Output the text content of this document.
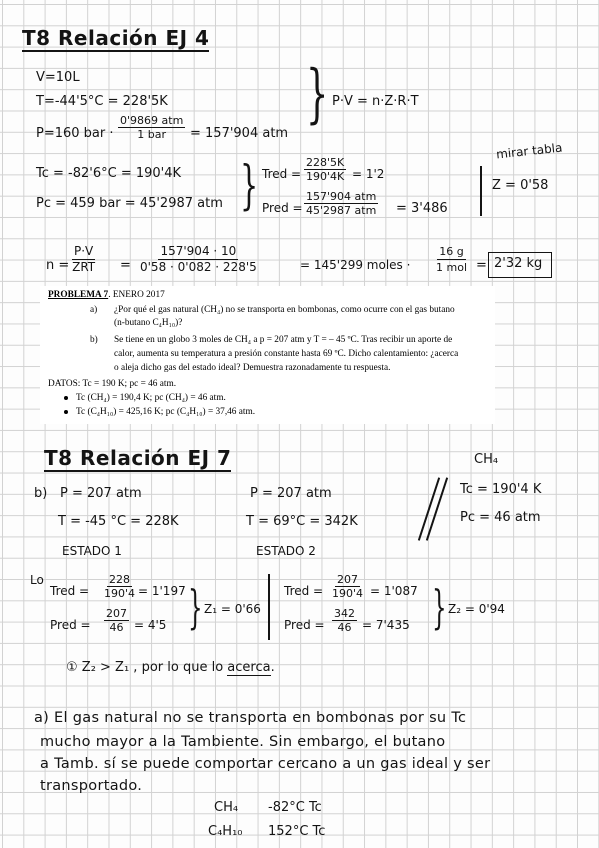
T8 Relación EJ 4
V=10L
T=-44'5°C = 228'5K
P=160 bar ·
0'9869 atm
1 bar = 157'904 atm
} P·V = n·Z·R·T
Tc = -82'6°C = 190'4K
Pc = 459 bar = 45'2987 atm } Tred = $\frac{228'5K}{190'4K} = 1'2$
Pred =
157'904 atm
45'2987 atm = 3'486
mirar tabla
Z = 0'58
n =
P·V
ZRT = $\frac{157'904 \cdot 10}{0'58 \cdot 0'082 \cdot 228'5}$	= 145'299 moles ·
16 g
1 mol = 2'32 kg
PROBLEMA 7. ENERO 2017
a) ¿Por qué el gas natural (CH₄) no se transporta en bombonas, como ocurre con el gas butano
(n-butano C₄H₁₀)?
b) Se tiene en un globo 3 moles de CH₄ a p = 207 atm y T = – 45 ºC. Tras recibir un aporte de
calor, aumenta su temperatura a presión constante hasta 69 ºC. Dicho calentamiento: ¿acerca
o aleja dicho gas del estado ideal? Demuestra razonadamente tu respuesta.
DATOS: Tc = 190 K; pc = 46 atm.
Tc (CH₄) = 190,4 K; pc (CH₄) = 46 atm.
Tc (C₄H₁₀) = 425,16 K; pc (C₄H₁₀) = 37,46 atm.
T8 Relación EJ 7	CH₄
Tc = 190'4 K
Pc = 46 atm
b) P = 207 atm
T = -45 °C = 228K
ESTADO 1
P = 207 atm
T = 69°C = 342K
ESTADO 2
Lo
Tred = $\frac{228}{190'4} = 1'197$
Pred = $\frac{207}{46} = 4'5$ } Z₁ = 0'66
Tred = $\frac{207}{190'4} = 1'087$
Pred = $\frac{342}{46} = 7'435$ } Z₂ = 0'94
① Z₂ > Z₁ , por lo que lo acerca.
a) El gas natural no se transporta en bombonas por su Tc
mucho mayor a la Tambiente. Sin embargo, el butano
a Tamb. sí se puede comportar cercano a un gas ideal y ser
transportado.
CH₄ -82°C Tc
C₄H₁₀ 152°C Tc
